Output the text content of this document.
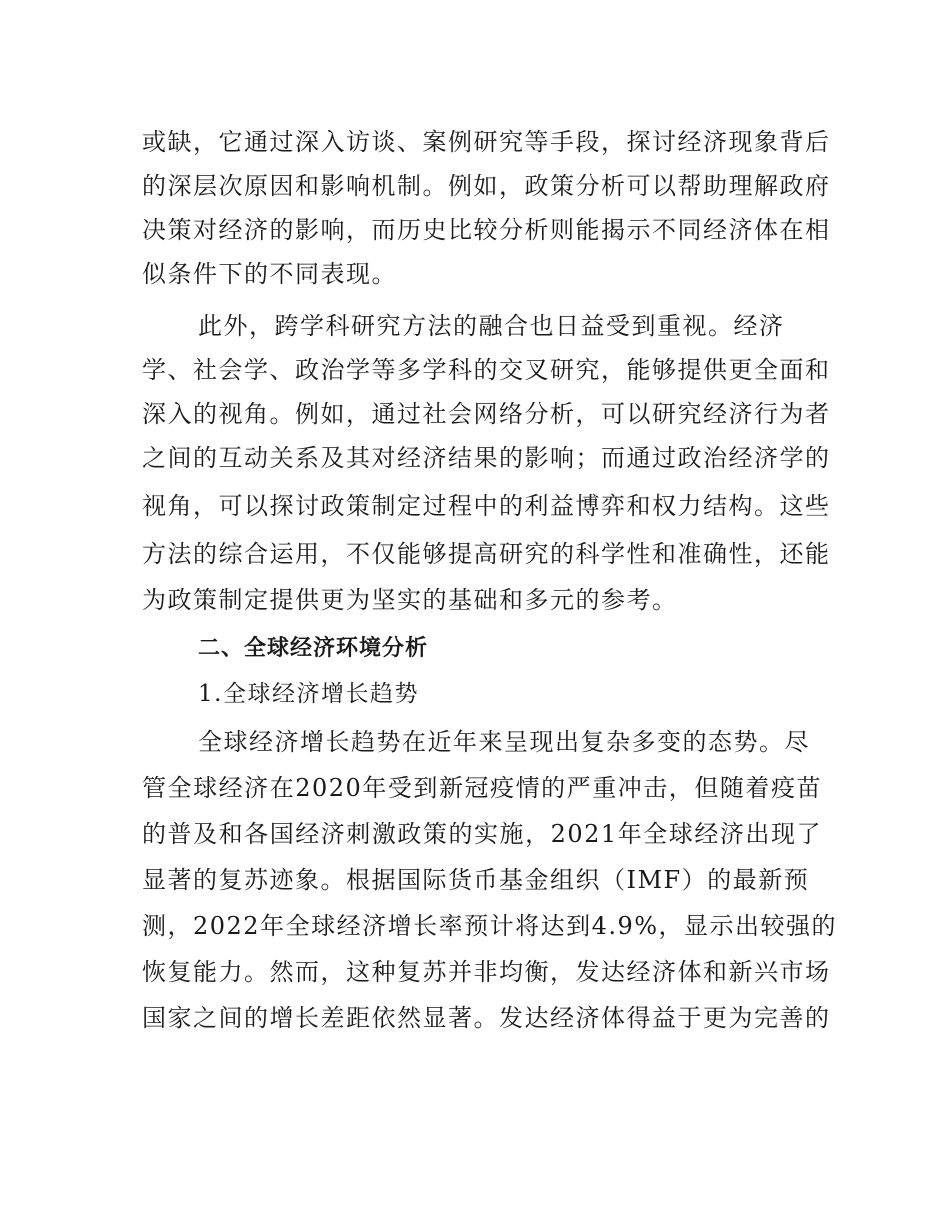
或缺，它通过深入访谈、案例研究等手段，探讨经济现象背后
的深层次原因和影响机制。例如，政策分析可以帮助理解政府
决策对经济的影响，而历史比较分析则能揭示不同经济体在相
似条件下的不同表现。
此外，跨学科研究方法的融合也日益受到重视。经济
学、社会学、政治学等多学科的交叉研究，能够提供更全面和
深入的视角。例如，通过社会网络分析，可以研究经济行为者
之间的互动关系及其对经济结果的影响；而通过政治经济学的
视角，可以探讨政策制定过程中的利益博弈和权力结构。这些
方法的综合运用，不仅能够提高研究的科学性和准确性，还能
为政策制定提供更为坚实的基础和多元的参考。
二、全球经济环境分析
1.全球经济增长趋势
全球经济增长趋势在近年来呈现出复杂多变的态势。尽
管全球经济在2020年受到新冠疫情的严重冲击，但随着疫苗
的普及和各国经济刺激政策的实施，2021年全球经济出现了
显著的复苏迹象。根据国际货币基金组织（IMF）的最新预
测，2022年全球经济增长率预计将达到4.9%，显示出较强的
恢复能力。然而，这种复苏并非均衡，发达经济体和新兴市场
国家之间的增长差距依然显著。发达经济体得益于更为完善的
